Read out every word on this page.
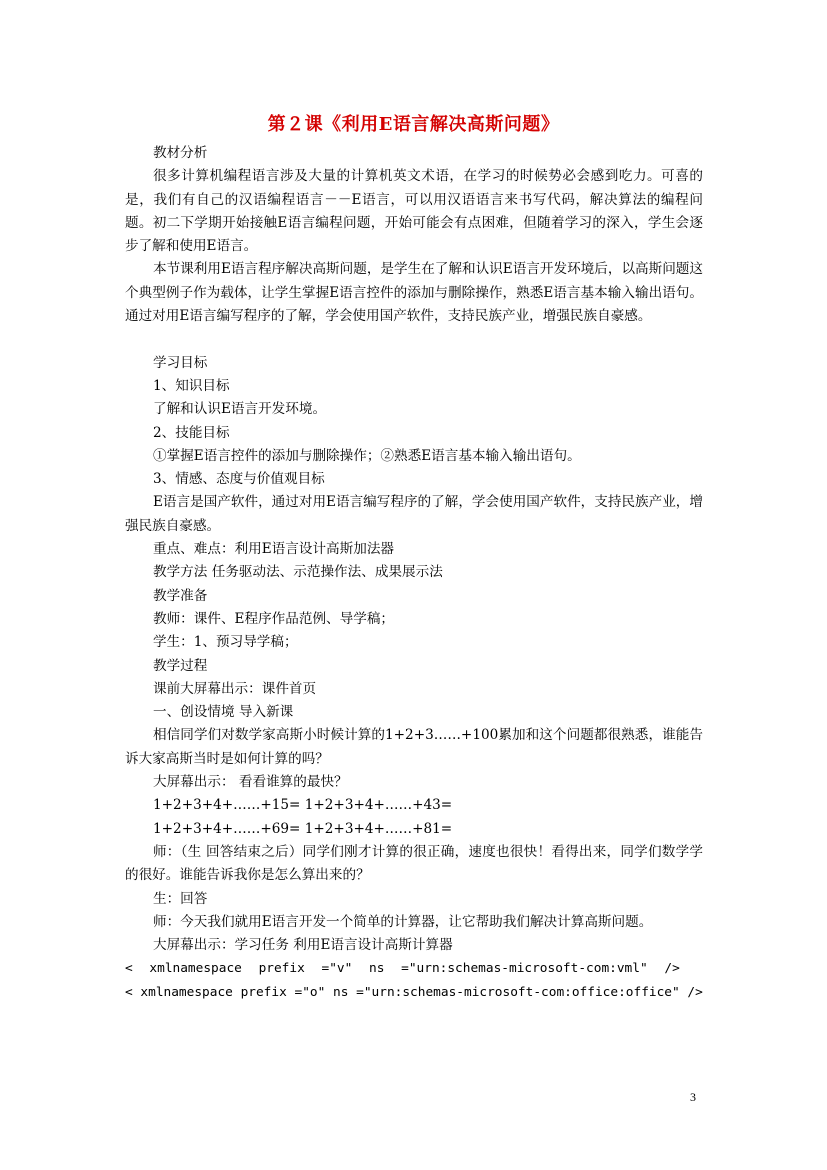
第２课《利用E语言解决高斯问题》

教材分析

很多计算机编程语言涉及大量的计算机英文术语，在学习的时候势必会感到吃力。可喜的是，我们有自己的汉语编程语言－－E语言，可以用汉语语言来书写代码，解决算法的编程问题。初二下学期开始接触E语言编程问题，开始可能会有点困难，但随着学习的深入，学生会逐步了解和使用E语言。

本节课利用E语言程序解决高斯问题，是学生在了解和认识E语言开发环境后，以高斯问题这个典型例子作为载体，让学生掌握E语言控件的添加与删除操作，熟悉E语言基本输入输出语句。通过对用E语言编写程序的了解，学会使用国产软件，支持民族产业，增强民族自豪感。

学习目标

1、知识目标

了解和认识E语言开发环境。

2、技能目标

①掌握E语言控件的添加与删除操作；②熟悉E语言基本输入输出语句。

3、情感、态度与价值观目标

E语言是国产软件，通过对用E语言编写程序的了解，学会使用国产软件，支持民族产业，增强民族自豪感。

重点、难点：利用E语言设计高斯加法器

教学方法 任务驱动法、示范操作法、成果展示法

教学准备

教师：课件、E程序作品范例、导学稿；

学生：1、预习导学稿；

教学过程

课前大屏幕出示：课件首页

一、创设情境 导入新课

相信同学们对数学家高斯小时候计算的1+2+3……+100累加和这个问题都很熟悉，谁能告诉大家高斯当时是如何计算的吗？

大屏幕出示： 看看谁算的最快？

1+2+3+4+……+15= 1+2+3+4+……+43=

1+2+3+4+……+69= 1+2+3+4+……+81=

师：（生 回答结束之后）同学们刚才计算的很正确，速度也很快！看得出来，同学们数学学的很好。谁能告诉我你是怎么算出来的？

生：回答

师：今天我们就用E语言开发一个简单的计算器，让它帮助我们解决计算高斯问题。

大屏幕出示：学习任务 利用E语言设计高斯计算器

< xmlnamespace prefix ="v" ns ="urn:schemas-microsoft-com:vml" />

< xmlnamespace prefix ="o" ns ="urn:schemas-microsoft-com:office:office" />

3
